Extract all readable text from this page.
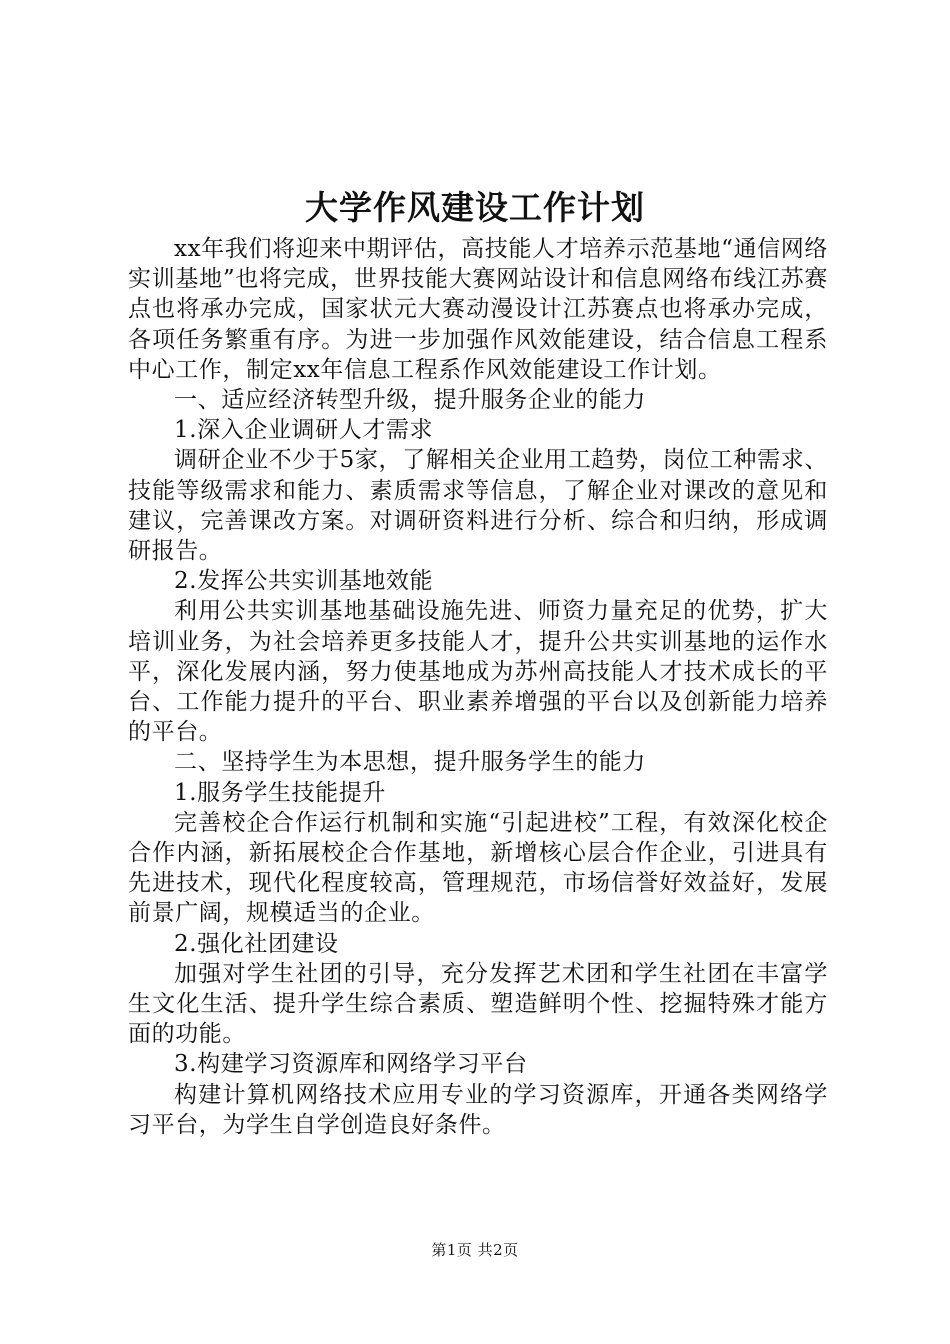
大学作风建设工作计划

xx年我们将迎来中期评估，高技能人才培养示范基地“通信网络实训基地”也将完成，世界技能大赛网站设计和信息网络布线江苏赛点也将承办完成，国家状元大赛动漫设计江苏赛点也将承办完成，各项任务繁重有序。为进一步加强作风效能建设，结合信息工程系中心工作，制定xx年信息工程系作风效能建设工作计划。

一、适应经济转型升级，提升服务企业的能力

1.深入企业调研人才需求

调研企业不少于5家，了解相关企业用工趋势，岗位工种需求、技能等级需求和能力、素质需求等信息，了解企业对课改的意见和建议，完善课改方案。对调研资料进行分析、综合和归纳，形成调研报告。

2.发挥公共实训基地效能

利用公共实训基地基础设施先进、师资力量充足的优势，扩大培训业务，为社会培养更多技能人才，提升公共实训基地的运作水平，深化发展内涵，努力使基地成为苏州高技能人才技术成长的平台、工作能力提升的平台、职业素养增强的平台以及创新能力培养的平台。

二、坚持学生为本思想，提升服务学生的能力

1.服务学生技能提升

完善校企合作运行机制和实施“引起进校”工程，有效深化校企合作内涵，新拓展校企合作基地，新增核心层合作企业，引进具有先进技术，现代化程度较高，管理规范，市场信誉好效益好，发展前景广阔，规模适当的企业。

2.强化社团建设

加强对学生社团的引导，充分发挥艺术团和学生社团在丰富学生文化生活、提升学生综合素质、塑造鲜明个性、挖掘特殊才能方面的功能。

3.构建学习资源库和网络学习平台

构建计算机网络技术应用专业的学习资源库，开通各类网络学习平台，为学生自学创造良好条件。

第1页 共2页
